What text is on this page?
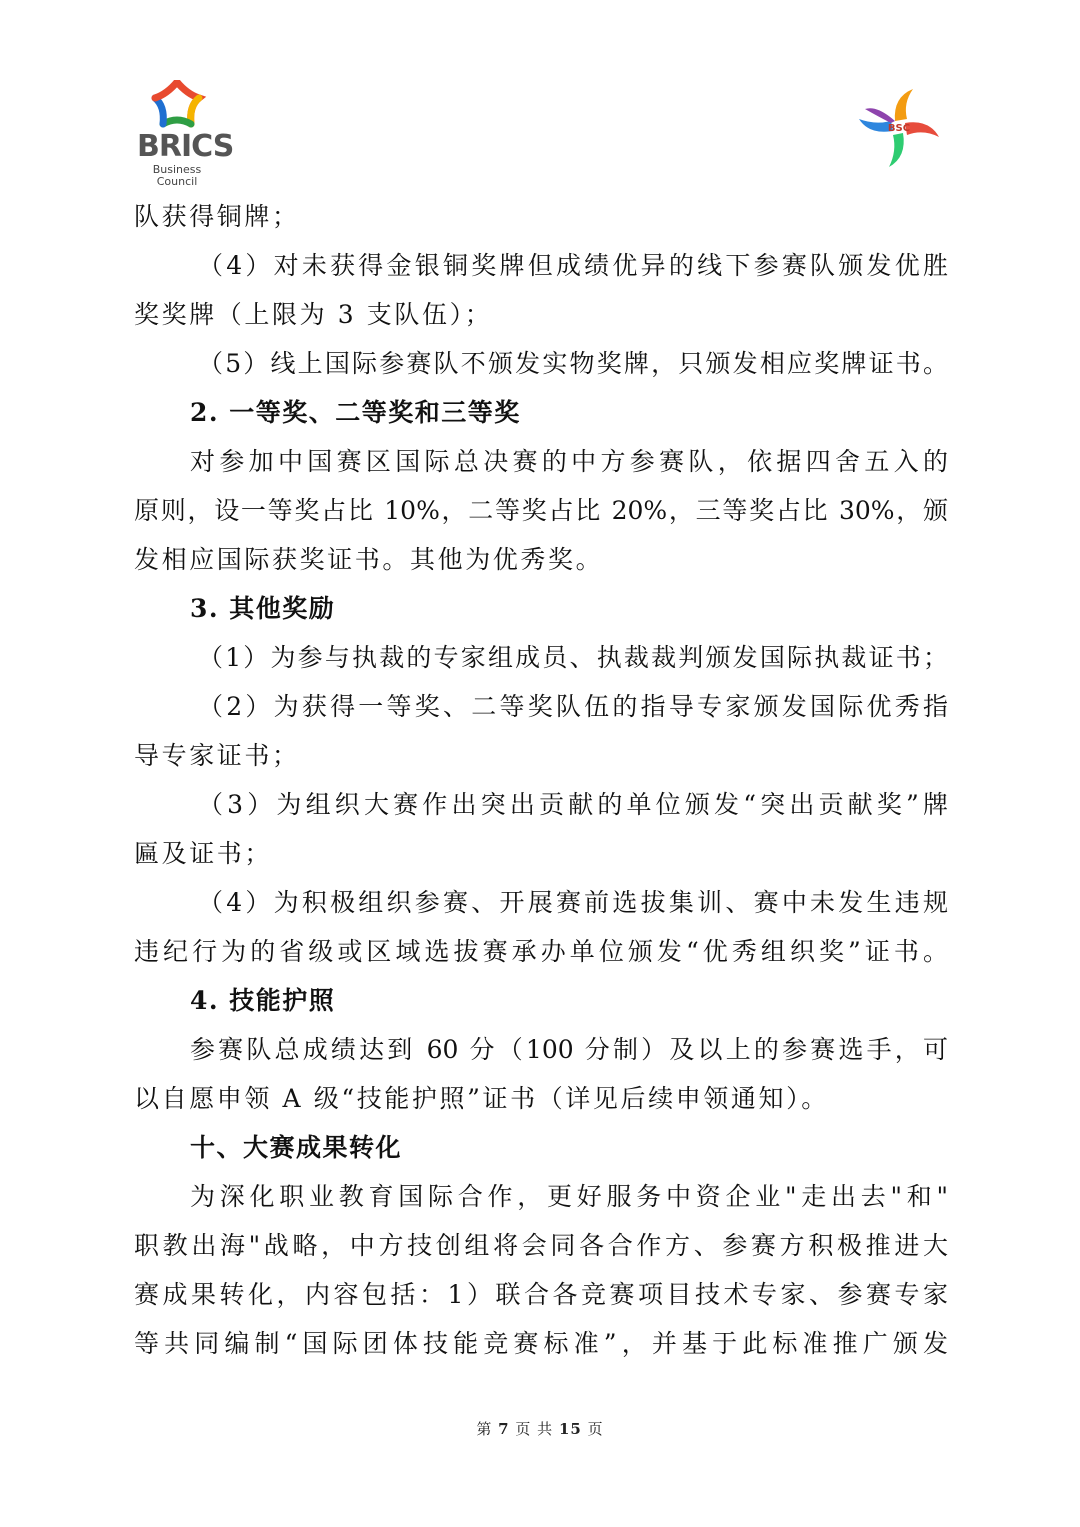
BRICS
Business Council
BSC
队获得铜牌；
（4）对未获得金银铜奖牌但成绩优异的线下参赛队颁发优胜
奖奖牌（上限为 3 支队伍）；
（5）线上国际参赛队不颁发实物奖牌，只颁发相应奖牌证书。
2. 一等奖、二等奖和三等奖
对参加中国赛区国际总决赛的中方参赛队，依据四舍五入的
原则，设一等奖占比 10%，二等奖占比 20%，三等奖占比 30%，颁
发相应国际获奖证书。其他为优秀奖。
3. 其他奖励
（1）为参与执裁的专家组成员、执裁裁判颁发国际执裁证书；
（2）为获得一等奖、二等奖队伍的指导专家颁发国际优秀指
导专家证书；
（3）为组织大赛作出突出贡献的单位颁发“突出贡献奖”牌
匾及证书；
（4）为积极组织参赛、开展赛前选拔集训、赛中未发生违规
违纪行为的省级或区域选拔赛承办单位颁发“优秀组织奖”证书。
4. 技能护照
参赛队总成绩达到 60 分（100 分制）及以上的参赛选手，可
以自愿申领 A 级“技能护照”证书（详见后续申领通知）。
十、大赛成果转化
为深化职业教育国际合作，更好服务中资企业"走出去"和"
职教出海"战略，中方技创组将会同各合作方、参赛方积极推进大
赛成果转化，内容包括：1）联合各竞赛项目技术专家、参赛专家
等共同编制“国际团体技能竞赛标准”，并基于此标准推广颁发
第 7 页 共 15 页
